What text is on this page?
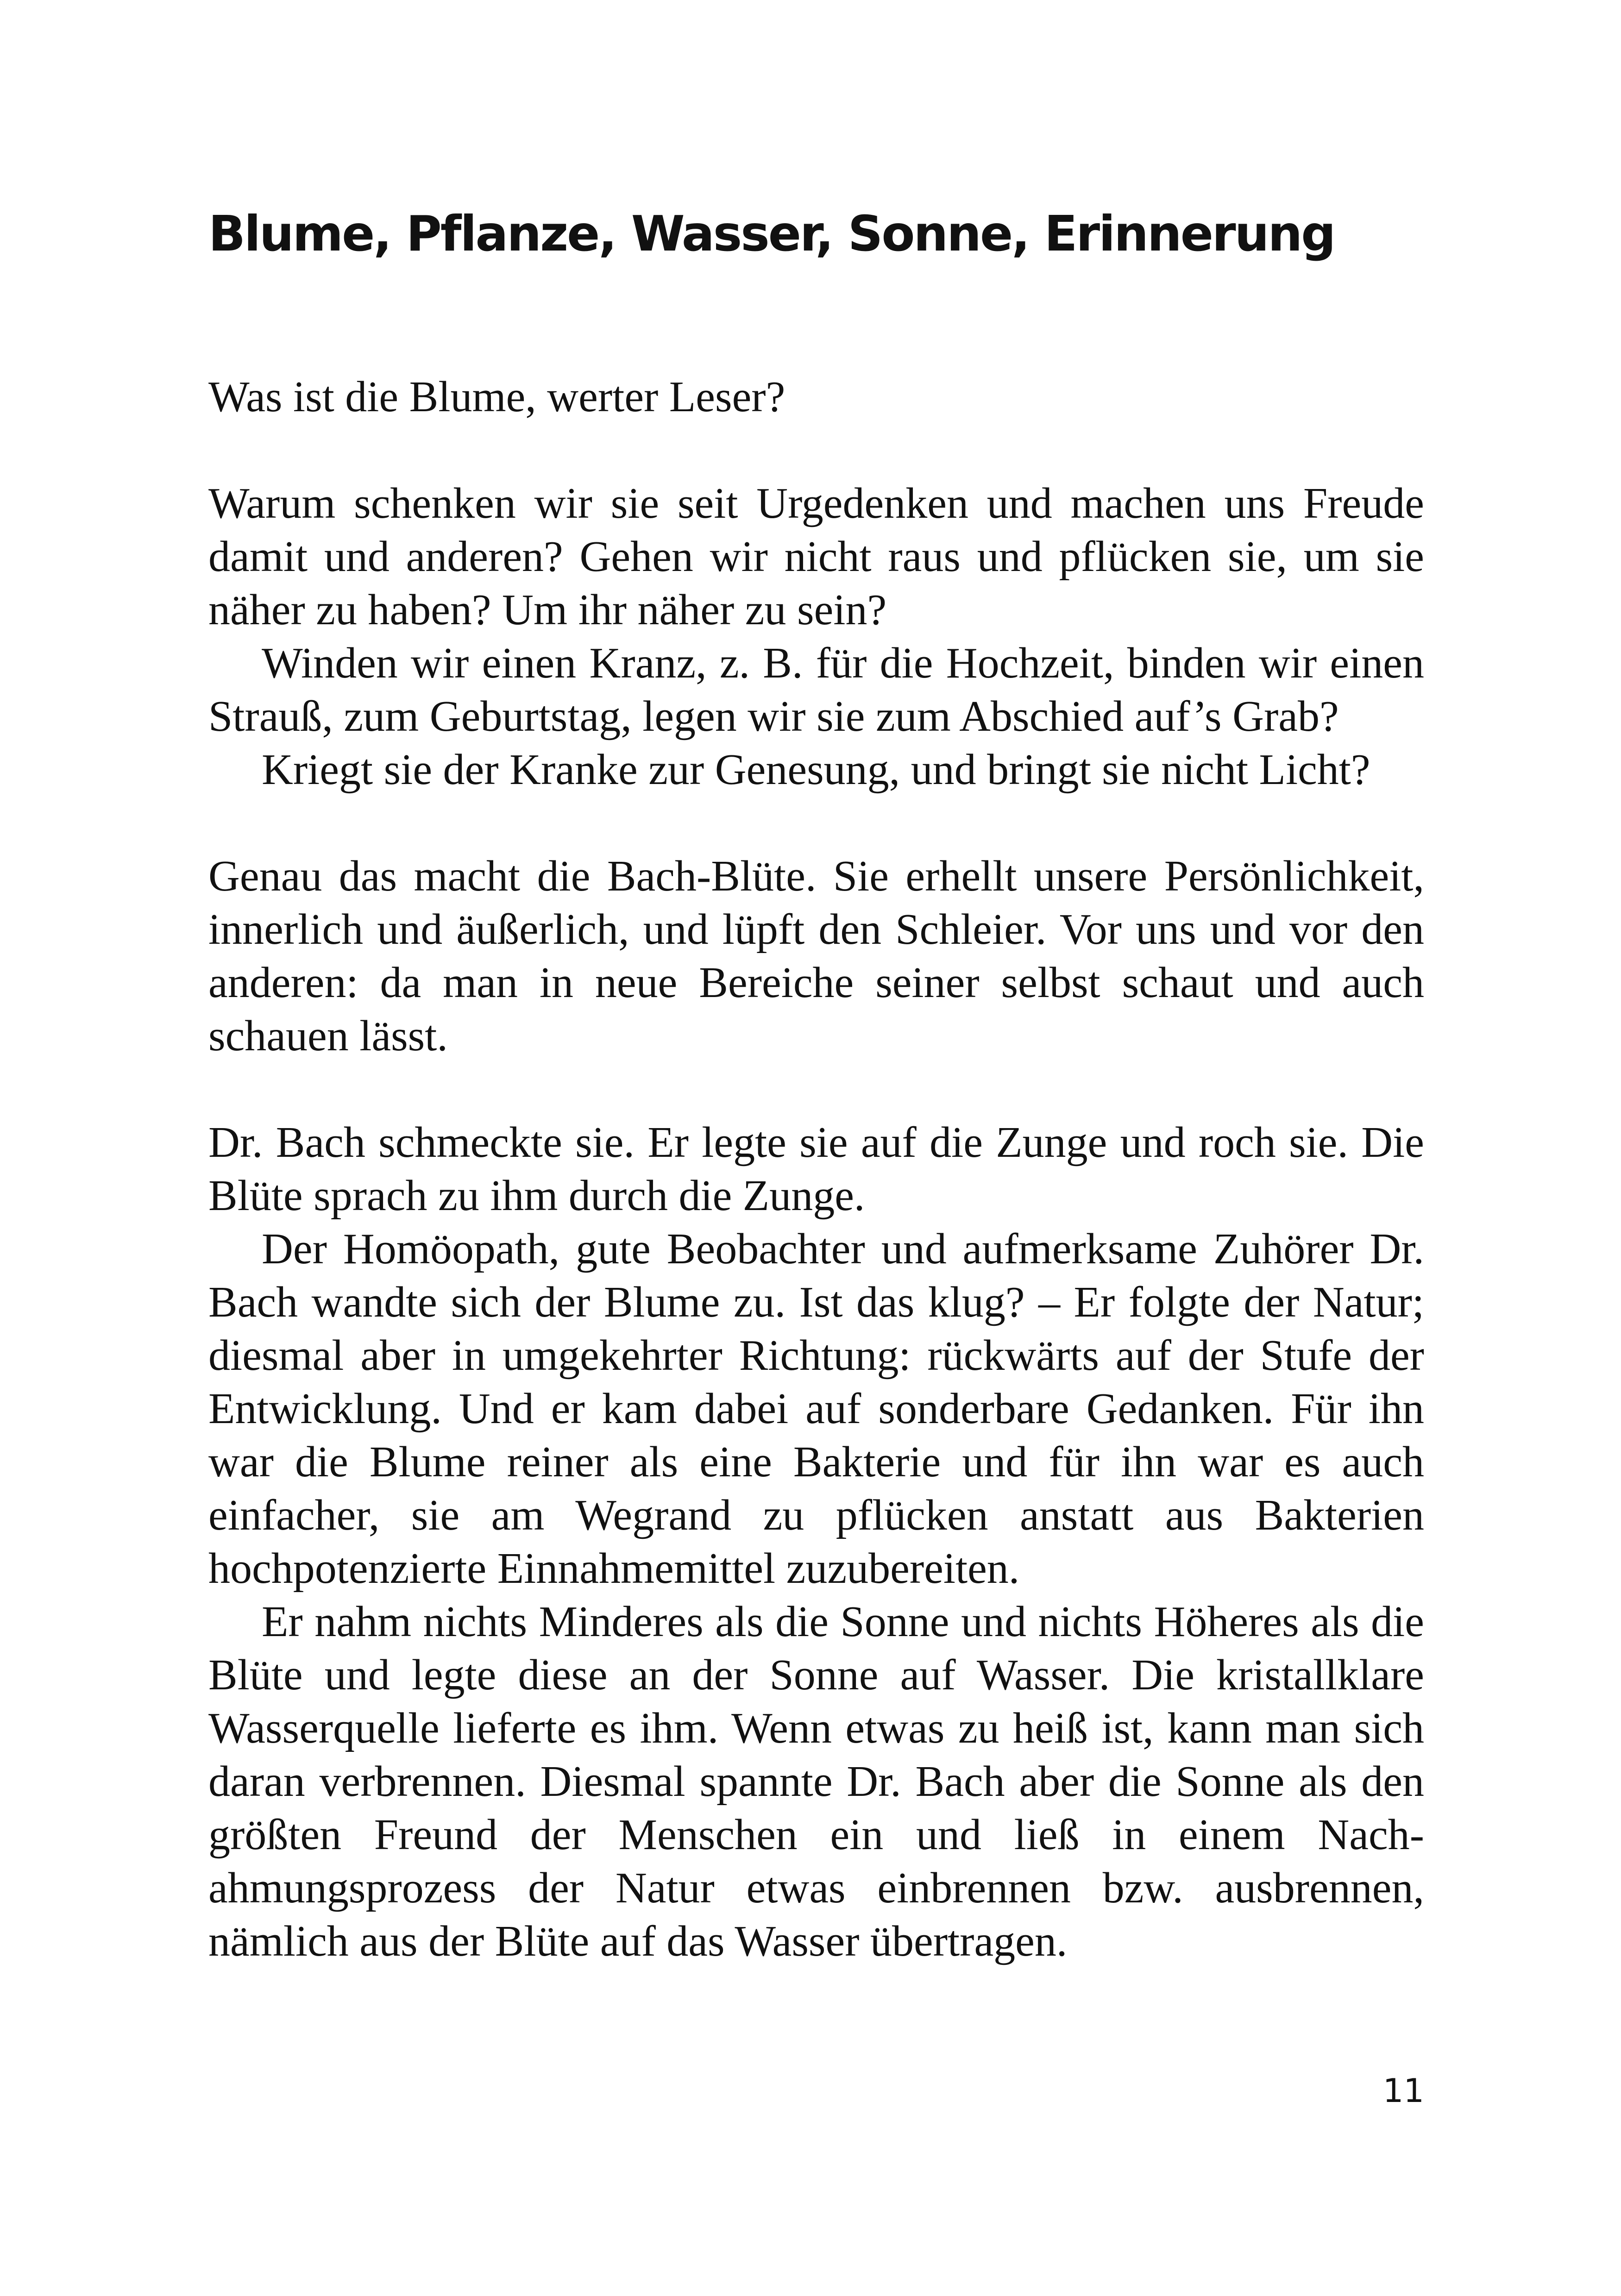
Blume, Pflanze, Wasser, Sonne, Erinnerung

Was ist die Blume, werter Leser?

Warum schenken wir sie seit Urgedenken und machen uns Freude damit und anderen? Gehen wir nicht raus und pflücken sie, um sie näher zu haben? Um ihr näher zu sein?

Winden wir einen Kranz, z. B. für die Hochzeit, binden wir einen Strauß, zum Geburtstag, legen wir sie zum Abschied auf’s Grab?

Kriegt sie der Kranke zur Genesung, und bringt sie nicht Licht?

Genau das macht die Bach-Blüte. Sie erhellt unsere Persönlichkeit, innerlich und äußerlich, und lüpft den Schleier. Vor uns und vor den anderen: da man in neue Bereiche seiner selbst schaut und auch schauen lässt.

Dr. Bach schmeckte sie. Er legte sie auf die Zunge und roch sie. Die Blüte sprach zu ihm durch die Zunge.

Der Homöopath, gute Beobachter und aufmerksame Zuhörer Dr. Bach wandte sich der Blume zu. Ist das klug? – Er folgte der Natur; diesmal aber in umgekehrter Richtung: rückwärts auf der Stufe der Entwicklung. Und er kam dabei auf sonderbare Gedanken. Für ihn war die Blume reiner als eine Bakterie und für ihn war es auch einfacher, sie am Wegrand zu pflücken anstatt aus Bakterien hochpotenzierte Einnahmemittel zuzubereiten.

Er nahm nichts Minderes als die Sonne und nichts Höheres als die Blüte und legte diese an der Sonne auf Wasser. Die kristallklare Wasserquelle lieferte es ihm. Wenn etwas zu heiß ist, kann man sich daran verbrennen. Diesmal spannte Dr. Bach aber die Sonne als den größten Freund der Menschen ein und ließ in einem Nachahmungsprozess der Natur etwas einbrennen bzw. ausbrennen, nämlich aus der Blüte auf das Wasser übertragen.

11
